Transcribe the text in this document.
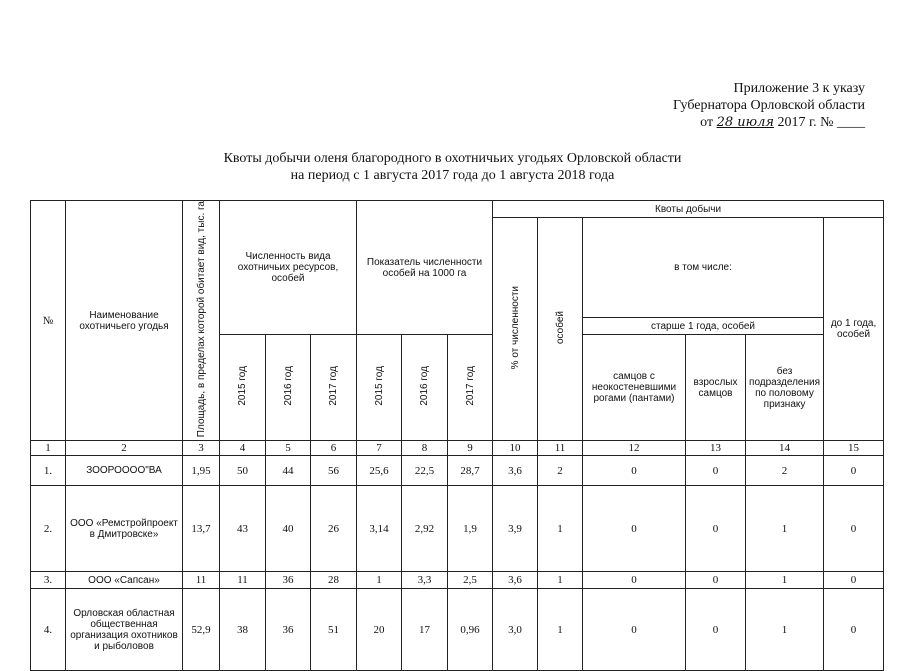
Приложение 3 к указу
Губернатора Орловской области
от 28 июля 2017 г. № ____
Квоты добычи оленя благородного в охотничьих угодьях Орловской области
на период с 1 августа 2017 года до 1 августа 2018 года
№	Наименование охотничьего угодья	Площадь, в пределах которой обитает вид, тыс. га	Численность вида охотничьих ресурсов, особей			Показатель численности особей на 1000 га			Квоты добычи					
									% от численности	особей	в том числе:			до 1 года, особей
											старше 1 года, особей			
			2015 год	2016 год	2017 год	2015 год	2016 год	2017 год			самцов с неокостеневшими рогами (пантами)	взрослых самцов	без подразделения по половому признаку	
1	2	3	4	5	6	7	8	9	10	11	12	13	14	15
1.	ЗООРОООО"ВА	1,95	50	44	56	25,6	22,5	28,7	3,6	2	0	0	2	0
2.	ООО «Ремстройпроект в Дмитровске»	13,7	43	40	26	3,14	2,92	1,9	3,9	1	0	0	1	0
3.	ООО «Сапсан»	11	11	36	28	1	3,3	2,5	3,6	1	0	0	1	0
4.	Орловская областная общественная организация охотников и рыболовов	52,9	38	36	51	20	17	0,96	3,0	1	0	0	1	0
